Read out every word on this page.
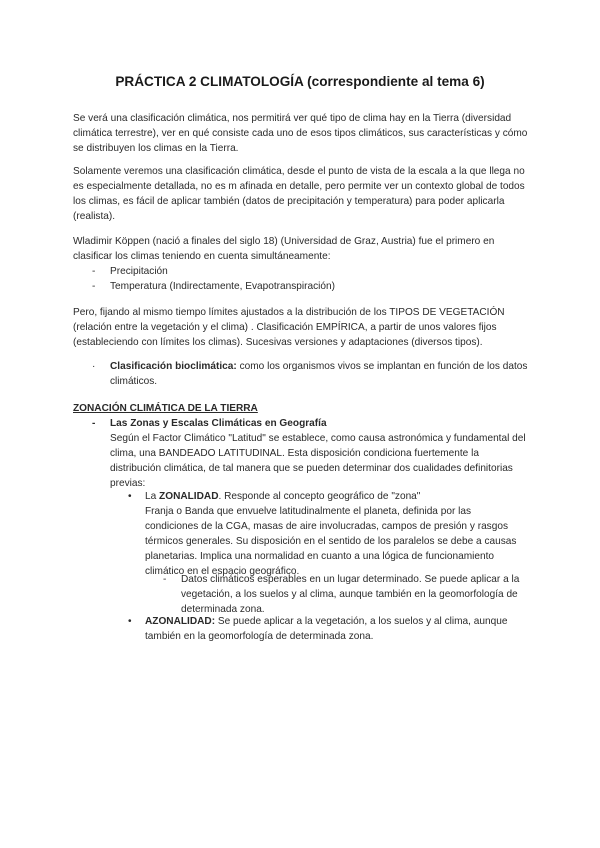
PRÁCTICA 2 CLIMATOLOGÍA (correspondiente al tema 6)

Se verá una clasificación climática, nos permitirá ver qué tipo de clima hay en la Tierra (diversidad climática terrestre), ver en qué consiste cada uno de esos tipos climáticos, sus características y cómo se distribuyen los climas en la Tierra.

Solamente veremos una clasificación climática, desde el punto de vista de la escala a la que llega no es especialmente detallada, no es m afinada en detalle, pero permite ver un contexto global de todos los climas, es fácil de aplicar también (datos de precipitación y temperatura) para poder aplicarla (realista).

Wladimir Köppen (nació a finales del siglo 18) (Universidad de Graz, Austria) fue el primero en clasificar los climas teniendo en cuenta simultáneamente:

- Precipitación
- Temperatura (Indirectamente, Evapotranspiración)

Pero, fijando al mismo tiempo límites ajustados a la distribución de los TIPOS DE VEGETACIÓN (relación entre la vegetación y el clima) . Clasificación EMPÍRICA, a partir de unos valores fijos (estableciendo con límites los climas). Sucesivas versiones y adaptaciones (diversos tipos).

· Clasificación bioclimática: como los organismos vivos se implantan en función de los datos climáticos.
ZONACIÓN CLIMÁTICA DE LA TIERRA
- Las Zonas y Escalas Climáticas en Geografía
Según el Factor Climático "Latitud" se establece, como causa astronómica y fundamental del clima, una BANDEADO LATITUDINAL. Esta disposición condiciona fuertemente la distribución climática, de tal manera que se pueden determinar dos cualidades definitorias previas:
• La ZONALIDAD. Responde al concepto geográfico de "zona"
Franja o Banda que envuelve latitudinalmente el planeta, definida por las condiciones de la CGA, masas de aire involucradas, campos de presión y rasgos térmicos generales. Su disposición en el sentido de los paralelos se debe a causas planetarias. Implica una normalidad en cuanto a una lógica de funcionamiento climático en el espacio geográfico.
- Datos climáticos esperables en un lugar determinado. Se puede aplicar a la vegetación, a los suelos y al clima, aunque también en la geomorfología de determinada zona.
• AZONALIDAD: Se puede aplicar a la vegetación, a los suelos y al clima, aunque también en la geomorfología de determinada zona.
